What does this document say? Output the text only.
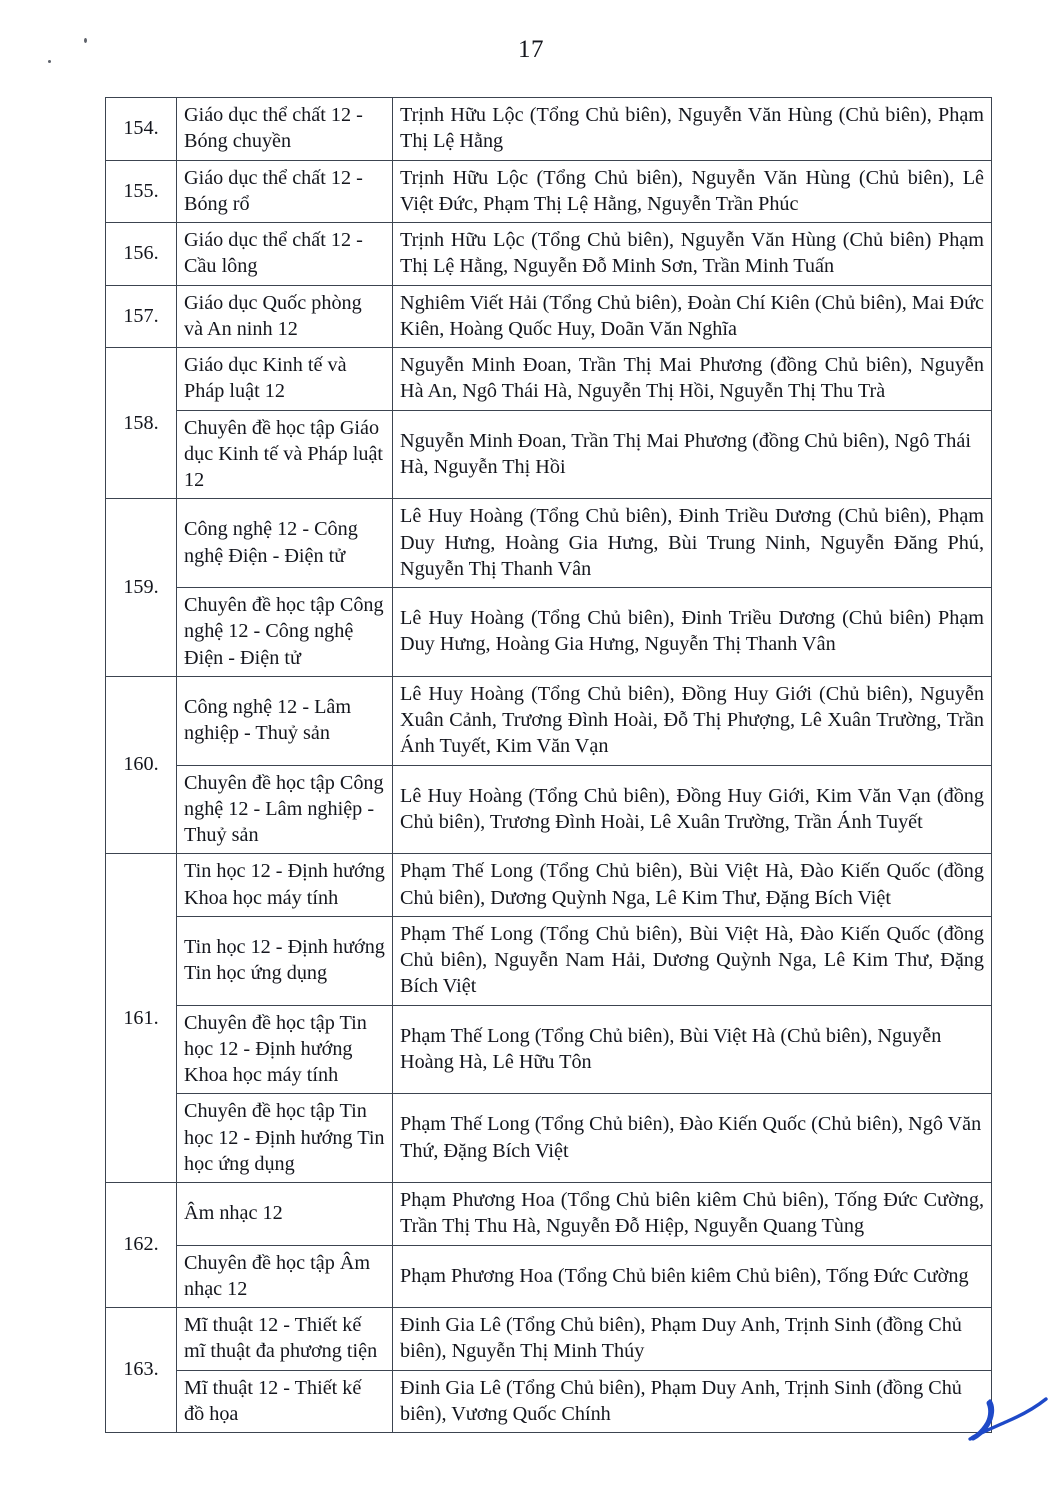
17
154.	Giáo dục thể chất 12 - Bóng chuyền	Trịnh Hữu Lộc (Tổng Chủ biên), Nguyễn Văn Hùng (Chủ biên), Phạm Thị Lệ Hằng
155.	Giáo dục thể chất 12 - Bóng rổ	Trịnh Hữu Lộc (Tổng Chủ biên), Nguyễn Văn Hùng (Chủ biên), Lê Việt Đức, Phạm Thị Lệ Hằng, Nguyễn Trần Phúc
156.	Giáo dục thể chất 12 - Cầu lông	Trịnh Hữu Lộc (Tổng Chủ biên), Nguyễn Văn Hùng (Chủ biên) Phạm Thị Lệ Hằng, Nguyễn Đỗ Minh Sơn, Trần Minh Tuấn
157.	Giáo dục Quốc phòng và An ninh 12	Nghiêm Viết Hải (Tổng Chủ biên), Đoàn Chí Kiên (Chủ biên), Mai Đức Kiên, Hoàng Quốc Huy, Doãn Văn Nghĩa
158.	Giáo dục Kinh tế và Pháp luật 12	Nguyễn Minh Đoan, Trần Thị Mai Phương (đồng Chủ biên), Nguyễn Hà An, Ngô Thái Hà, Nguyễn Thị Hồi, Nguyễn Thị Thu Trà
	Chuyên đề học tập Giáo dục Kinh tế và Pháp luật 12	Nguyễn Minh Đoan, Trần Thị Mai Phương (đồng Chủ biên), Ngô Thái Hà, Nguyễn Thị Hồi
159.	Công nghệ 12 - Công nghệ Điện - Điện tử	Lê Huy Hoàng (Tổng Chủ biên), Đinh Triều Dương (Chủ biên), Phạm Duy Hưng, Hoàng Gia Hưng, Bùi Trung Ninh, Nguyễn Đăng Phú, Nguyễn Thị Thanh Vân
	Chuyên đề học tập Công nghệ 12 - Công nghệ Điện - Điện tử	Lê Huy Hoàng (Tổng Chủ biên), Đinh Triều Dương (Chủ biên) Phạm Duy Hưng, Hoàng Gia Hưng, Nguyễn Thị Thanh Vân
160.	Công nghệ 12 - Lâm nghiệp - Thuỷ sản	Lê Huy Hoàng (Tổng Chủ biên), Đồng Huy Giới (Chủ biên), Nguyễn Xuân Cảnh, Trương Đình Hoài, Đỗ Thị Phượng, Lê Xuân Trường, Trần Ánh Tuyết, Kim Văn Vạn
	Chuyên đề học tập Công nghệ 12 - Lâm nghiệp - Thuỷ sản	Lê Huy Hoàng (Tổng Chủ biên), Đồng Huy Giới, Kim Văn Vạn (đồng Chủ biên), Trương Đình Hoài, Lê Xuân Trường, Trần Ánh Tuyết
161.	Tin học 12 - Định hướng Khoa học máy tính	Phạm Thế Long (Tổng Chủ biên), Bùi Việt Hà, Đào Kiến Quốc (đồng Chủ biên), Dương Quỳnh Nga, Lê Kim Thư, Đặng Bích Việt
	Tin học 12 - Định hướng Tin học ứng dụng	Phạm Thế Long (Tổng Chủ biên), Bùi Việt Hà, Đào Kiến Quốc (đồng Chủ biên), Nguyễn Nam Hải, Dương Quỳnh Nga, Lê Kim Thư, Đặng Bích Việt
	Chuyên đề học tập Tin học 12 - Định hướng Khoa học máy tính	Phạm Thế Long (Tổng Chủ biên), Bùi Việt Hà (Chủ biên), Nguyễn Hoàng Hà, Lê Hữu Tôn
	Chuyên đề học tập Tin học 12 - Định hướng Tin học ứng dụng	Phạm Thế Long (Tổng Chủ biên), Đào Kiến Quốc (Chủ biên), Ngô Văn Thứ, Đặng Bích Việt
162.	Âm nhạc 12	Phạm Phương Hoa (Tổng Chủ biên kiêm Chủ biên), Tống Đức Cường, Trần Thị Thu Hà, Nguyễn Đỗ Hiệp, Nguyễn Quang Tùng
	Chuyên đề học tập Âm nhạc 12	Phạm Phương Hoa (Tổng Chủ biên kiêm Chủ biên), Tống Đức Cường
163.	Mĩ thuật 12 - Thiết kế mĩ thuật đa phương tiện	Đinh Gia Lê (Tổng Chủ biên), Phạm Duy Anh, Trịnh Sinh (đồng Chủ biên), Nguyễn Thị Minh Thúy
	Mĩ thuật 12 - Thiết kế đồ họa	Đinh Gia Lê (Tổng Chủ biên), Phạm Duy Anh, Trịnh Sinh (đồng Chủ biên), Vương Quốc Chính
